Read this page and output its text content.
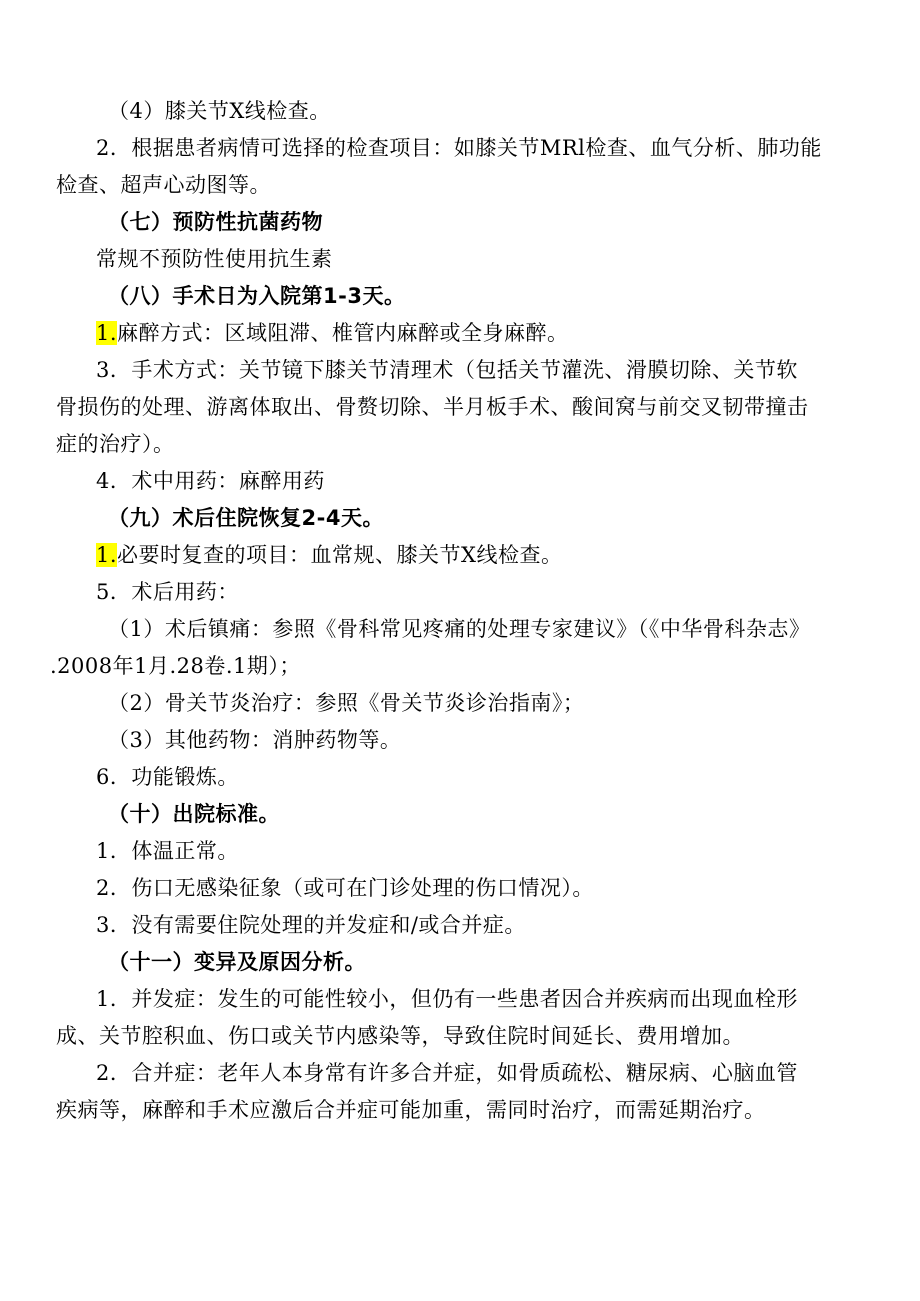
（4）膝关节X线检查。
2．根据患者病情可选择的检查项目：如膝关节MRl检查、血气分析、肺功能
检查、超声心动图等。
（七）预防性抗菌药物
常规不预防性使用抗生素
（八）手术日为入院第1-3天。
1.麻醉方式：区域阻滞、椎管内麻醉或全身麻醉。
3．手术方式：关节镜下膝关节清理术（包括关节灌洗、滑膜切除、关节软
骨损伤的处理、游离体取出、骨赘切除、半月板手术、酸间窝与前交叉韧带撞击
症的治疗）。
4．术中用药：麻醉用药
（九）术后住院恢复2-4天。
1.必要时复查的项目：血常规、膝关节X线检查。
5．术后用药：
（1）术后镇痛：参照《骨科常见疼痛的处理专家建议》（《中华骨科杂志》
.2008年1月.28卷.1期）；
（2）骨关节炎治疗：参照《骨关节炎诊治指南》；
（3）其他药物：消肿药物等。
6．功能锻炼。
（十）出院标准。
1．体温正常。
2．伤口无感染征象（或可在门诊处理的伤口情况）。
3．没有需要住院处理的并发症和/或合并症。
（十一）变异及原因分析。
1．并发症：发生的可能性较小，但仍有一些患者因合并疾病而出现血栓形
成、关节腔积血、伤口或关节内感染等，导致住院时间延长、费用增加。
2．合并症：老年人本身常有许多合并症，如骨质疏松、糖尿病、心脑血管
疾病等，麻醉和手术应激后合并症可能加重，需同时治疗，而需延期治疗。
